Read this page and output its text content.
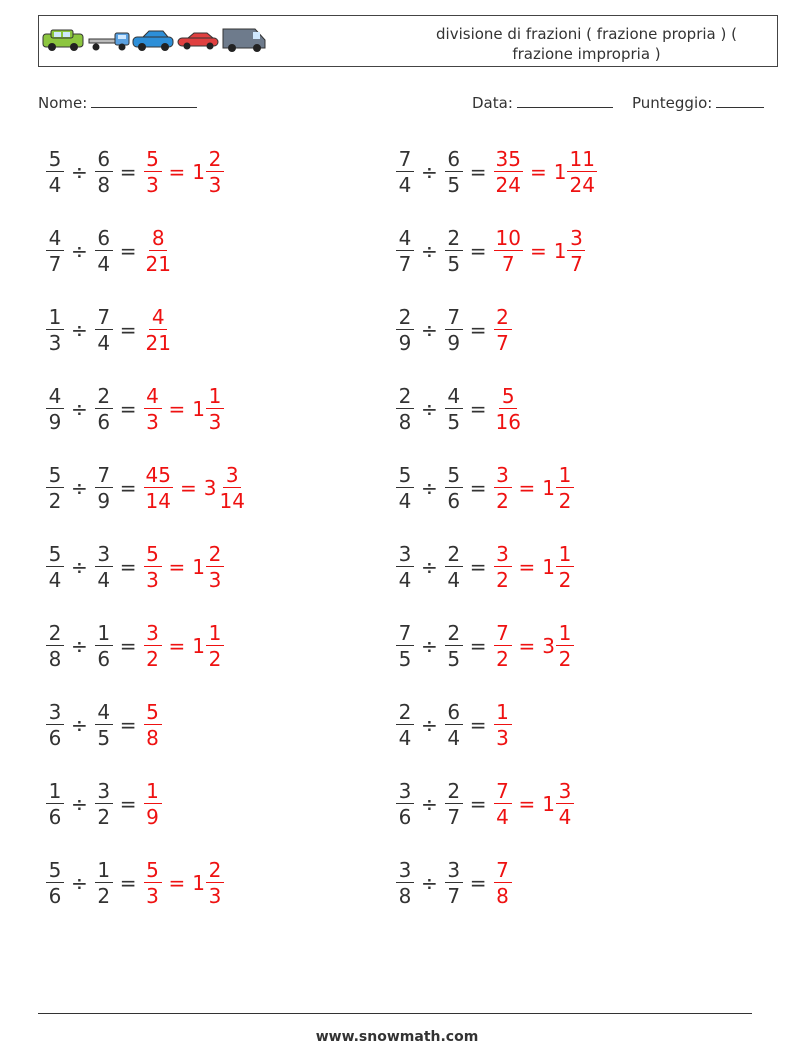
divisione di frazioni ( frazione propria ) ( frazione impropria )
Nome:	Data:	Punteggio:
$\frac{5}{4} \div \frac{6}{8} = \frac{5}{3} = 1 \frac{2}{3}$	$\frac{7}{4} \div \frac{6}{5} = \frac{35}{24} = 1 \frac{11}{24}$
$\frac{4}{7} \div \frac{6}{4} = \frac{8}{21}$	$\frac{4}{7} \div \frac{2}{5} = \frac{10}{7} = 1 \frac{3}{7}$
$\frac{1}{3} \div \frac{7}{4} = \frac{4}{21}$	$\frac{2}{9} \div \frac{7}{9} = \frac{2}{7}$
$\frac{4}{9} \div \frac{2}{6} = \frac{4}{3} = 1 \frac{1}{3}$	$\frac{2}{8} \div \frac{4}{5} = \frac{5}{16}$
$\frac{5}{2} \div \frac{7}{9} = \frac{45}{14} = 3 \frac{3}{14}$	$\frac{5}{4} \div \frac{5}{6} = \frac{3}{2} = 1 \frac{1}{2}$
$\frac{5}{4} \div \frac{3}{4} = \frac{5}{3} = 1 \frac{2}{3}$	$\frac{3}{4} \div \frac{2}{4} = \frac{3}{2} = 1 \frac{1}{2}$
$\frac{2}{8} \div \frac{1}{6} = \frac{3}{2} = 1 \frac{1}{2}$	$\frac{7}{5} \div \frac{2}{5} = \frac{7}{2} = 3 \frac{1}{2}$
$\frac{3}{6} \div \frac{4}{5} = \frac{5}{8}$	$\frac{2}{4} \div \frac{6}{4} = \frac{1}{3}$
$\frac{1}{6} \div \frac{3}{2} = \frac{1}{9}$	$\frac{3}{6} \div \frac{2}{7} = \frac{7}{4} = 1 \frac{3}{4}$
$\frac{5}{6} \div \frac{1}{2} = \frac{5}{3} = 1 \frac{2}{3}$	$\frac{3}{8} \div \frac{3}{7} = \frac{7}{8}$
www.snowmath.com
